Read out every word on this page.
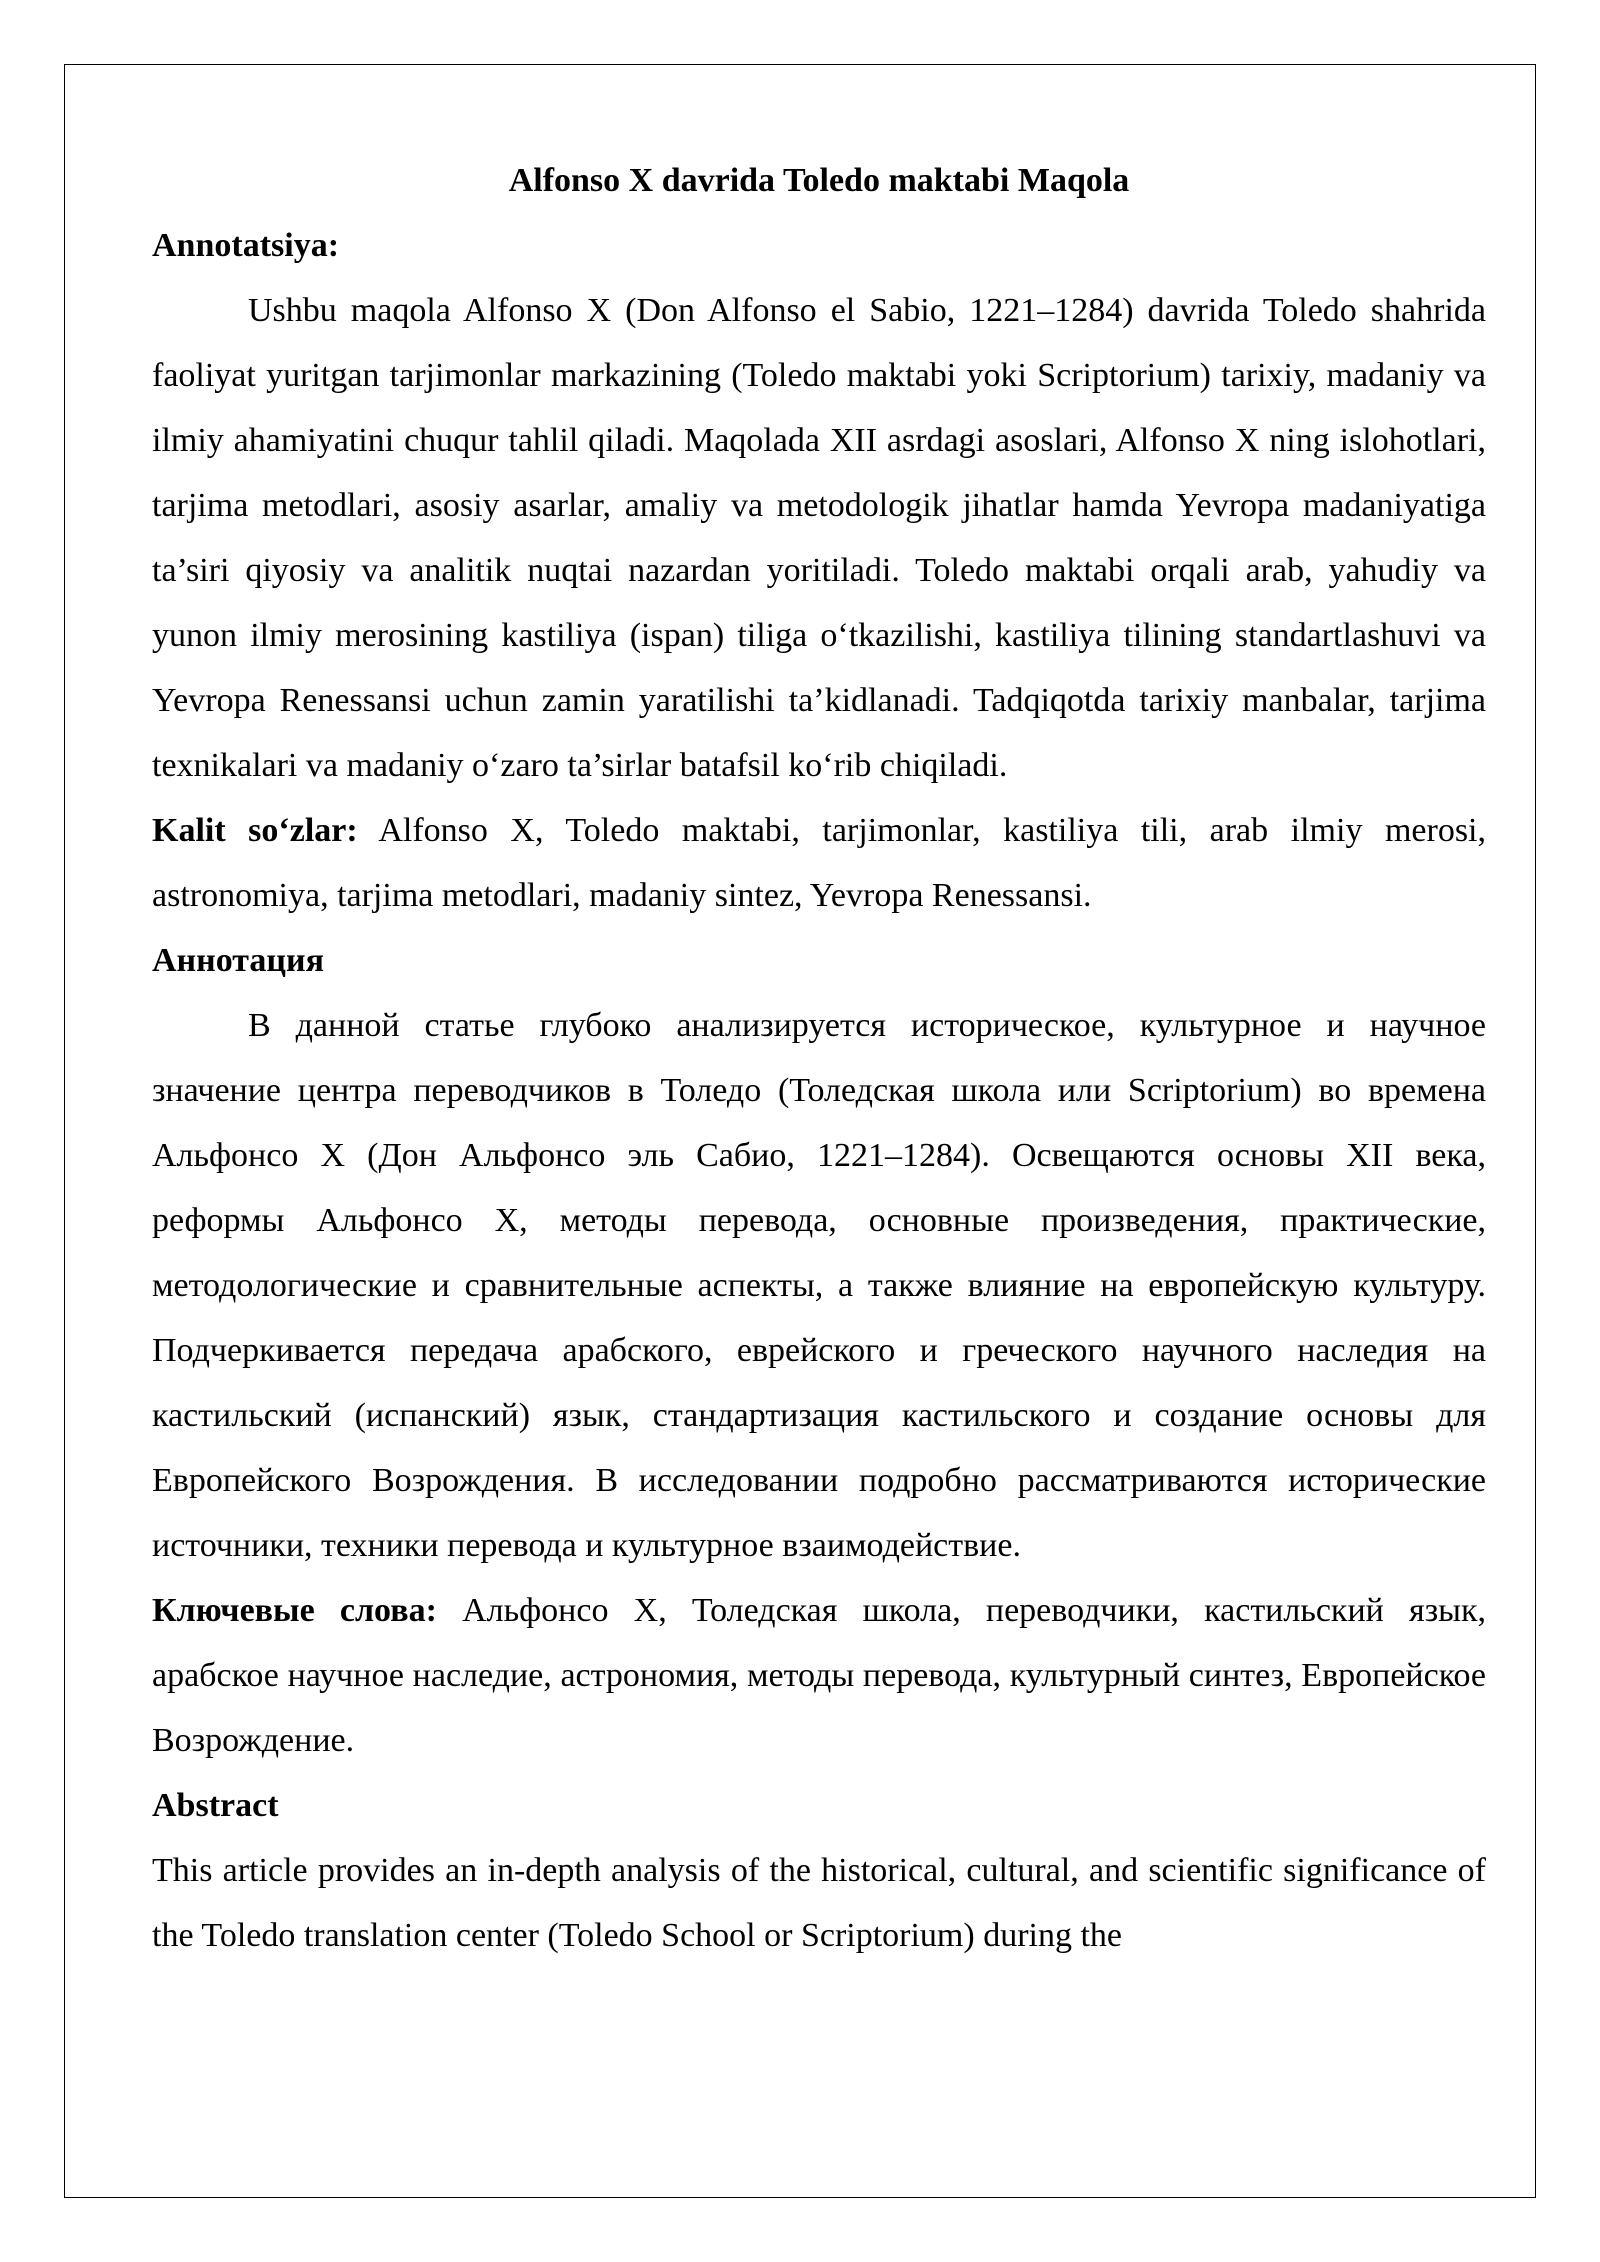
Alfonso X davrida Toledo maktabi Maqola

Annotatsiya:

Ushbu maqola Alfonso X (Don Alfonso el Sabio, 1221–1284) davrida Toledo shahrida faoliyat yuritgan tarjimonlar markazining (Toledo maktabi yoki Scriptorium) tarixiy, madaniy va ilmiy ahamiyatini chuqur tahlil qiladi. Maqolada XII asrdagi asoslari, Alfonso X ning islohotlari, tarjima metodlari, asosiy asarlar, amaliy va metodologik jihatlar hamda Yevropa madaniyatiga ta’siri qiyosiy va analitik nuqtai nazardan yoritiladi. Toledo maktabi orqali arab, yahudiy va yunon ilmiy merosining kastiliya (ispan) tiliga o‘tkazilishi, kastiliya tilining standartlashuvi va Yevropa Renessansi uchun zamin yaratilishi ta’kidlanadi. Tadqiqotda tarixiy manbalar, tarjima texnikalari va madaniy o‘zaro ta’sirlar batafsil ko‘rib chiqiladi.

Kalit so‘zlar: Alfonso X, Toledo maktabi, tarjimonlar, kastiliya tili, arab ilmiy merosi, astronomiya, tarjima metodlari, madaniy sintez, Yevropa Renessansi.

Аннотация

В данной статье глубоко анализируется историческое, культурное и научное значение центра переводчиков в Толедо (Толедская школа или Scriptorium) во времена Альфонсо X (Дон Альфонсо эль Сабио, 1221–1284). Освещаются основы XII века, реформы Альфонсо X, методы перевода, основные произведения, практические, методологические и сравнительные аспекты, а также влияние на европейскую культуру. Подчеркивается передача арабского, еврейского и греческого научного наследия на кастильский (испанский) язык, стандартизация кастильского и создание основы для Европейского Возрождения. В исследовании подробно рассматриваются исторические источники, техники перевода и культурное взаимодействие.

Ключевые слова: Альфонсо X, Толедская школа, переводчики, кастильский язык, арабское научное наследие, астрономия, методы перевода, культурный синтез, Европейское Возрождение.

Abstract

This article provides an in-depth analysis of the historical, cultural, and scientific significance of the Toledo translation center (Toledo School or Scriptorium) during the
